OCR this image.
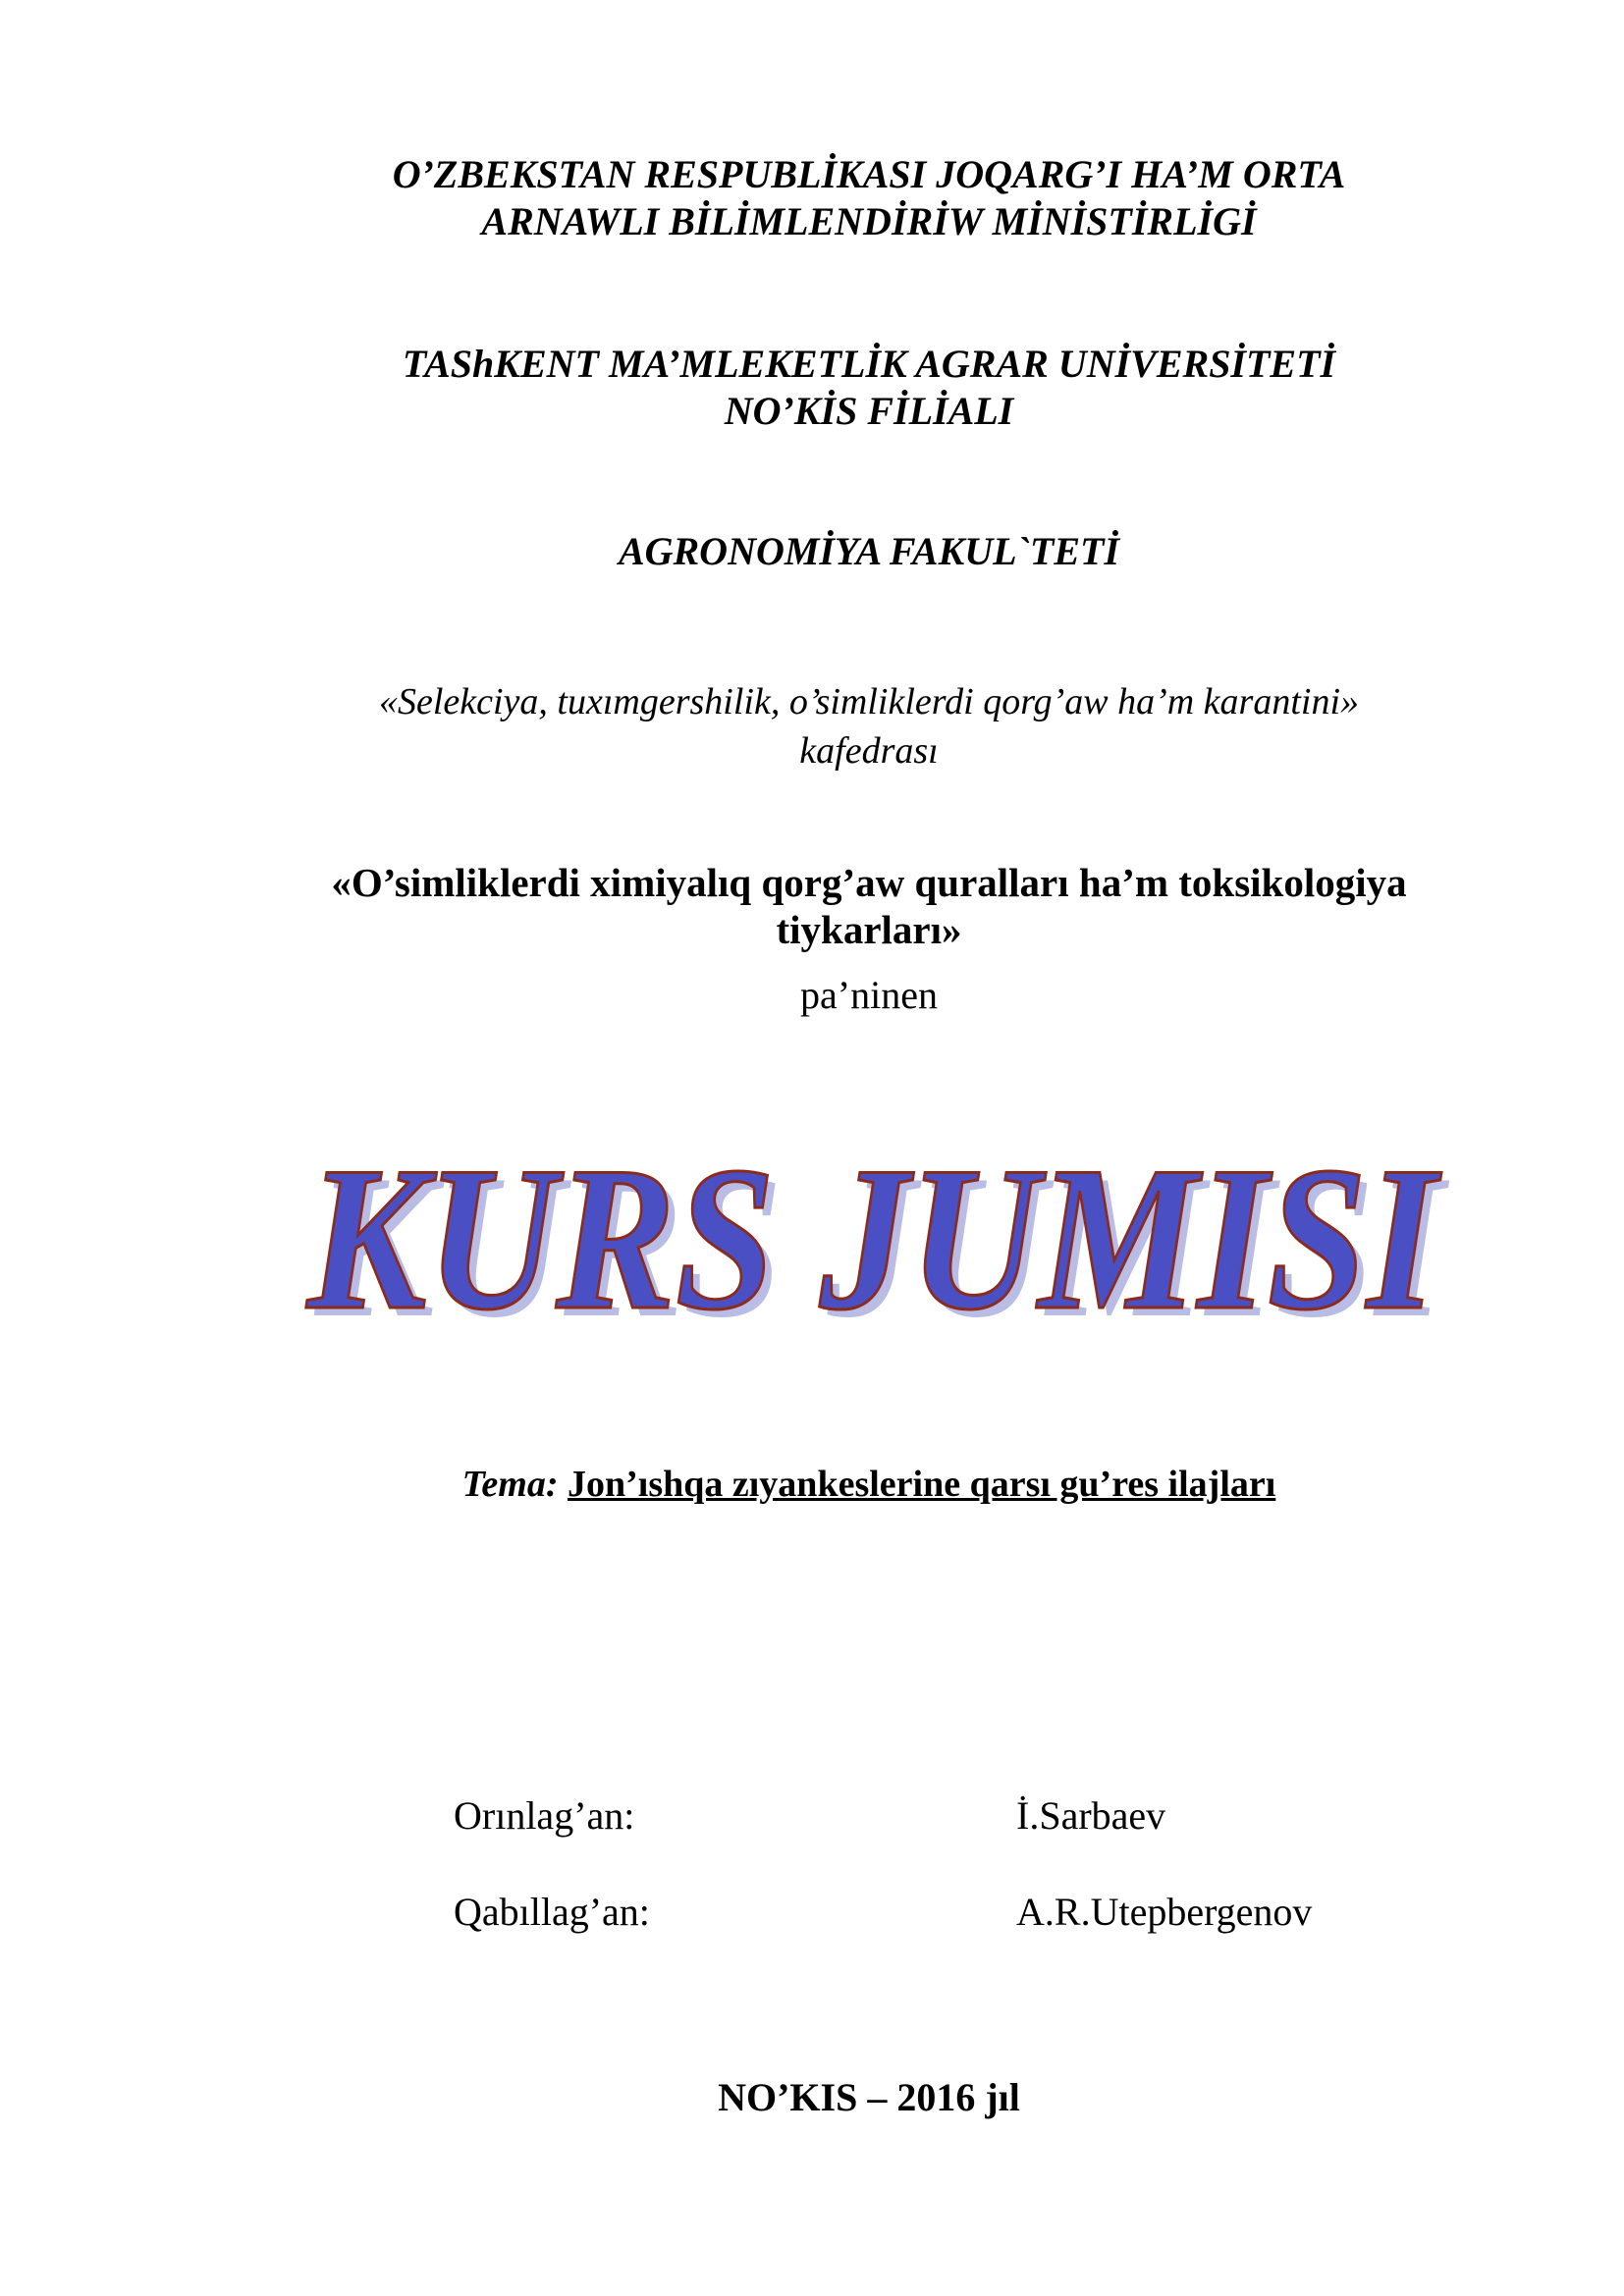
O’ZBEKSTAN RESPUBLİKASI JOQARG’I HA’M ORTA
ARNAWLI BİLİMLENDİRİW MİNİSTİRLİGİ
TAShKENT MA’MLEKETLİK AGRAR UNİVERSİTETİ
NO’KİS FİLİALI
AGRONOMİYA FAKUL`TETİ
«Selekciya, tuxımgershilik, o’simliklerdi qorg’aw ha’m karantini»
kafedrası
«O’simliklerdi ximiyalıq qorg’aw quralları ha’m toksikologiya
tiykarları»
pa’ninen
KURS JUMISI
KURS JUMISI
Tema: Jon’ıshqa zıyankeslerine qarsı gu’res ilajları
Orınlag’an:	İ.Sarbaev
Qabıllag’an:	A.R.Utepbergenov
NO’KIS – 2016 jıl
